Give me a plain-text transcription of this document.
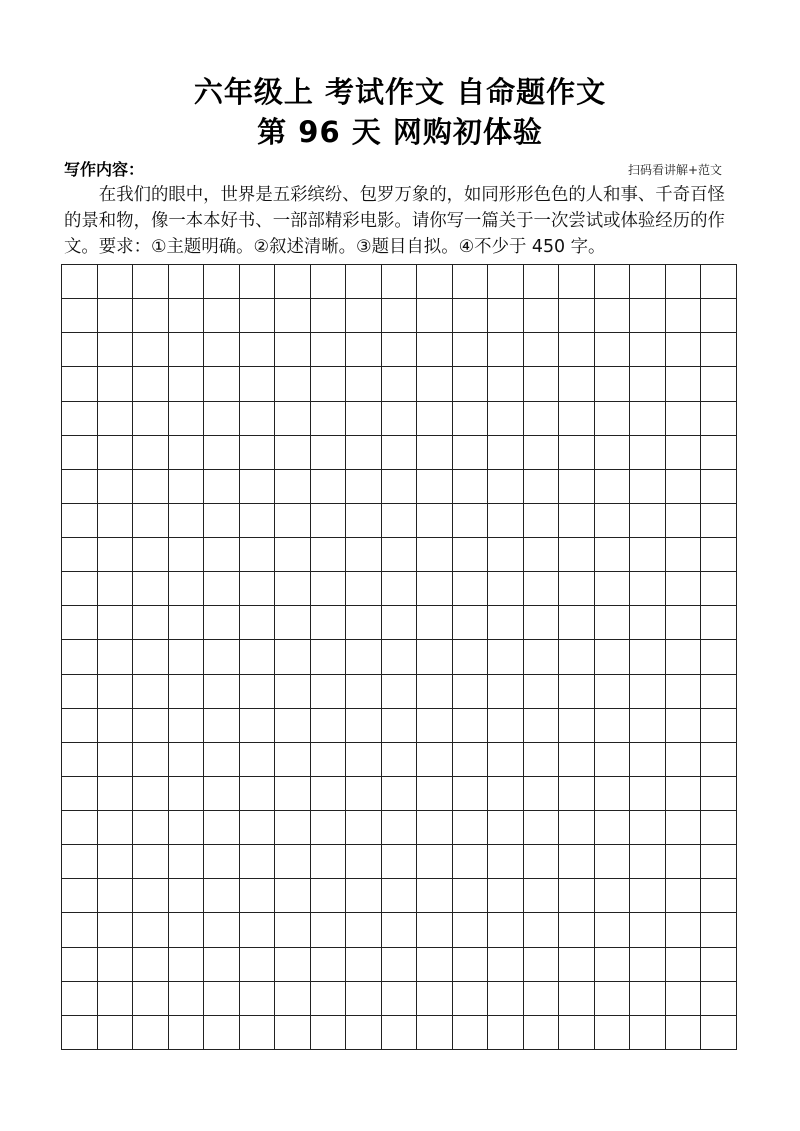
六年级上 考试作文 自命题作文
第 96 天 网购初体验
写作内容：	扫码看讲解+范文

在我们的眼中，世界是五彩缤纷、包罗万象的，如同形形色色的人和事、千奇百怪的景和物，像一本本好书、一部部精彩电影。请你写一篇关于一次尝试或体验经历的作文。要求：①主题明确。②叙述清晰。③题目自拟。④不少于 450 字。
